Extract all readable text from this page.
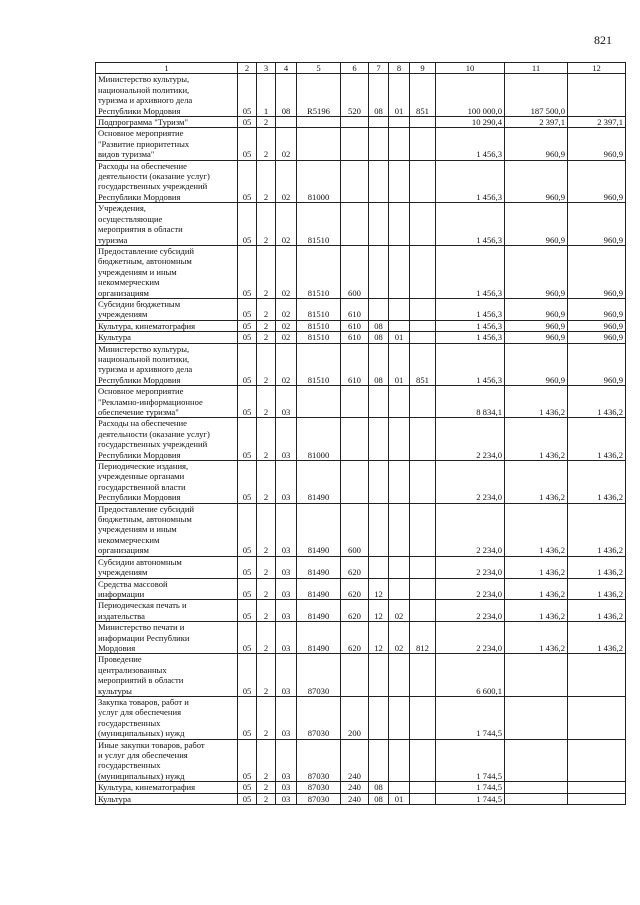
821
1	2	3	4	5	6	7	8	9	10	11	12

Министерство культуры,
национальной политики,
туризма и архивного дела
Республики Мордовия	05	1	08	R5196	520	08	01	851	100 000,0	187 500,0	

Подпрограмма "Туризм"	05	2							10 290,4	2 397,1	2 397,1

Основное мероприятие
"Развитие приоритетных
видов туризма"	05	2	02						1 456,3	960,9	960,9

Расходы на обеспечение
деятельности (оказание услуг)
государственных учреждений
Республики Мордовия	05	2	02	81000					1 456,3	960,9	960,9

Учреждения,
осуществляющие
мероприятия в области
туризма	05	2	02	81510					1 456,3	960,9	960,9

Предоставление субсидий
бюджетным, автономным
учреждениям и иным
некоммерческим
организациям	05	2	02	81510	600				1 456,3	960,9	960,9

Субсидии бюджетным
учреждениям	05	2	02	81510	610				1 456,3	960,9	960,9

Культура, кинематография	05	2	02	81510	610	08			1 456,3	960,9	960,9

Культура	05	2	02	81510	610	08	01		1 456,3	960,9	960,9

Министерство культуры,
национальной политики,
туризма и архивного дела
Республики Мордовия	05	2	02	81510	610	08	01	851	1 456,3	960,9	960,9

Основное мероприятие
"Рекламно-информационное
обеспечение туризма"	05	2	03						8 834,1	1 436,2	1 436,2

Расходы на обеспечение
деятельности (оказание услуг)
государственных учреждений
Республики Мордовия	05	2	03	81000					2 234,0	1 436,2	1 436,2

Периодические издания,
учрежденные органами
государственной власти
Республики Мордовия	05	2	03	81490					2 234,0	1 436,2	1 436,2

Предоставление субсидий
бюджетным, автономным
учреждениям и иным
некоммерческим
организациям	05	2	03	81490	600				2 234,0	1 436,2	1 436,2

Субсидии автономным
учреждениям	05	2	03	81490	620				2 234,0	1 436,2	1 436,2

Средства массовой
информации	05	2	03	81490	620	12			2 234,0	1 436,2	1 436,2

Периодическая печать и
издательства	05	2	03	81490	620	12	02		2 234,0	1 436,2	1 436,2

Министерство печати и
информации Республики
Мордовия	05	2	03	81490	620	12	02	812	2 234,0	1 436,2	1 436,2

Проведение
централизованных
мероприятий в области
культуры	05	2	03	87030					6 600,1		

Закупка товаров, работ и
услуг для обеспечения
государственных
(муниципальных) нужд	05	2	03	87030	200				1 744,5		

Иные закупки товаров, работ
и услуг для обеспечения
государственных
(муниципальных) нужд	05	2	03	87030	240				1 744,5		

Культура, кинематография	05	2	03	87030	240	08			1 744,5		

Культура	05	2	03	87030	240	08	01		1 744,5		
